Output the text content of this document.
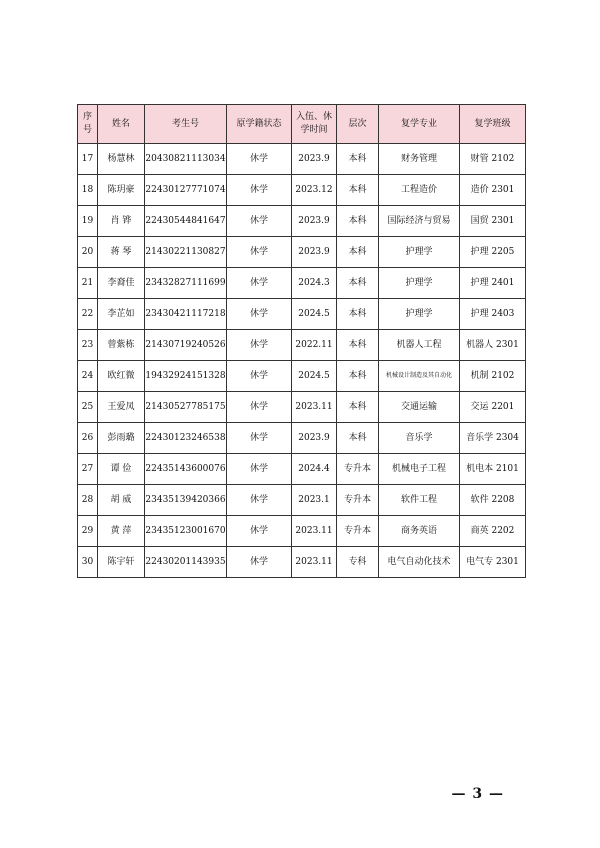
序号	姓名	考生号	原学籍状态	入伍、休学时间	层次	复学专业	复学班级
17	杨慧林	20430821113034	休学	2023.9	本科	财务管理	财管 2102
18	陈玥豪	22430127771074	休学	2023.12	本科	工程造价	造价 2301
19	肖 铧	22430544841647	休学	2023.9	本科	国际经济与贸易	国贸 2301
20	蒋 琴	21430221130827	休学	2023.9	本科	护理学	护理 2205
21	李裔佳	23432827111699	休学	2024.3	本科	护理学	护理 2401
22	李芷如	23430421117218	休学	2024.5	本科	护理学	护理 2403
23	曾紫栋	21430719240526	休学	2022.11	本科	机器人工程	机器人 2301
24	欧红微	19432924151328	休学	2024.5	本科	机械设计制造及其自动化	机制 2102
25	王爱凤	21430527785175	休学	2023.11	本科	交通运输	交运 2201
26	彭雨璐	22430123246538	休学	2023.9	本科	音乐学	音乐学 2304
27	谭 俭	22435143600076	休学	2024.4	专升本	机械电子工程	机电本 2101
28	胡 威	23435139420366	休学	2023.1	专升本	软件工程	软件 2208
29	黄 萍	23435123001670	休学	2023.11	专升本	商务英语	商英 2202
30	陈宇轩	22430201143935	休学	2023.11	专科	电气自动化技术	电气专 2301
— 3 —
